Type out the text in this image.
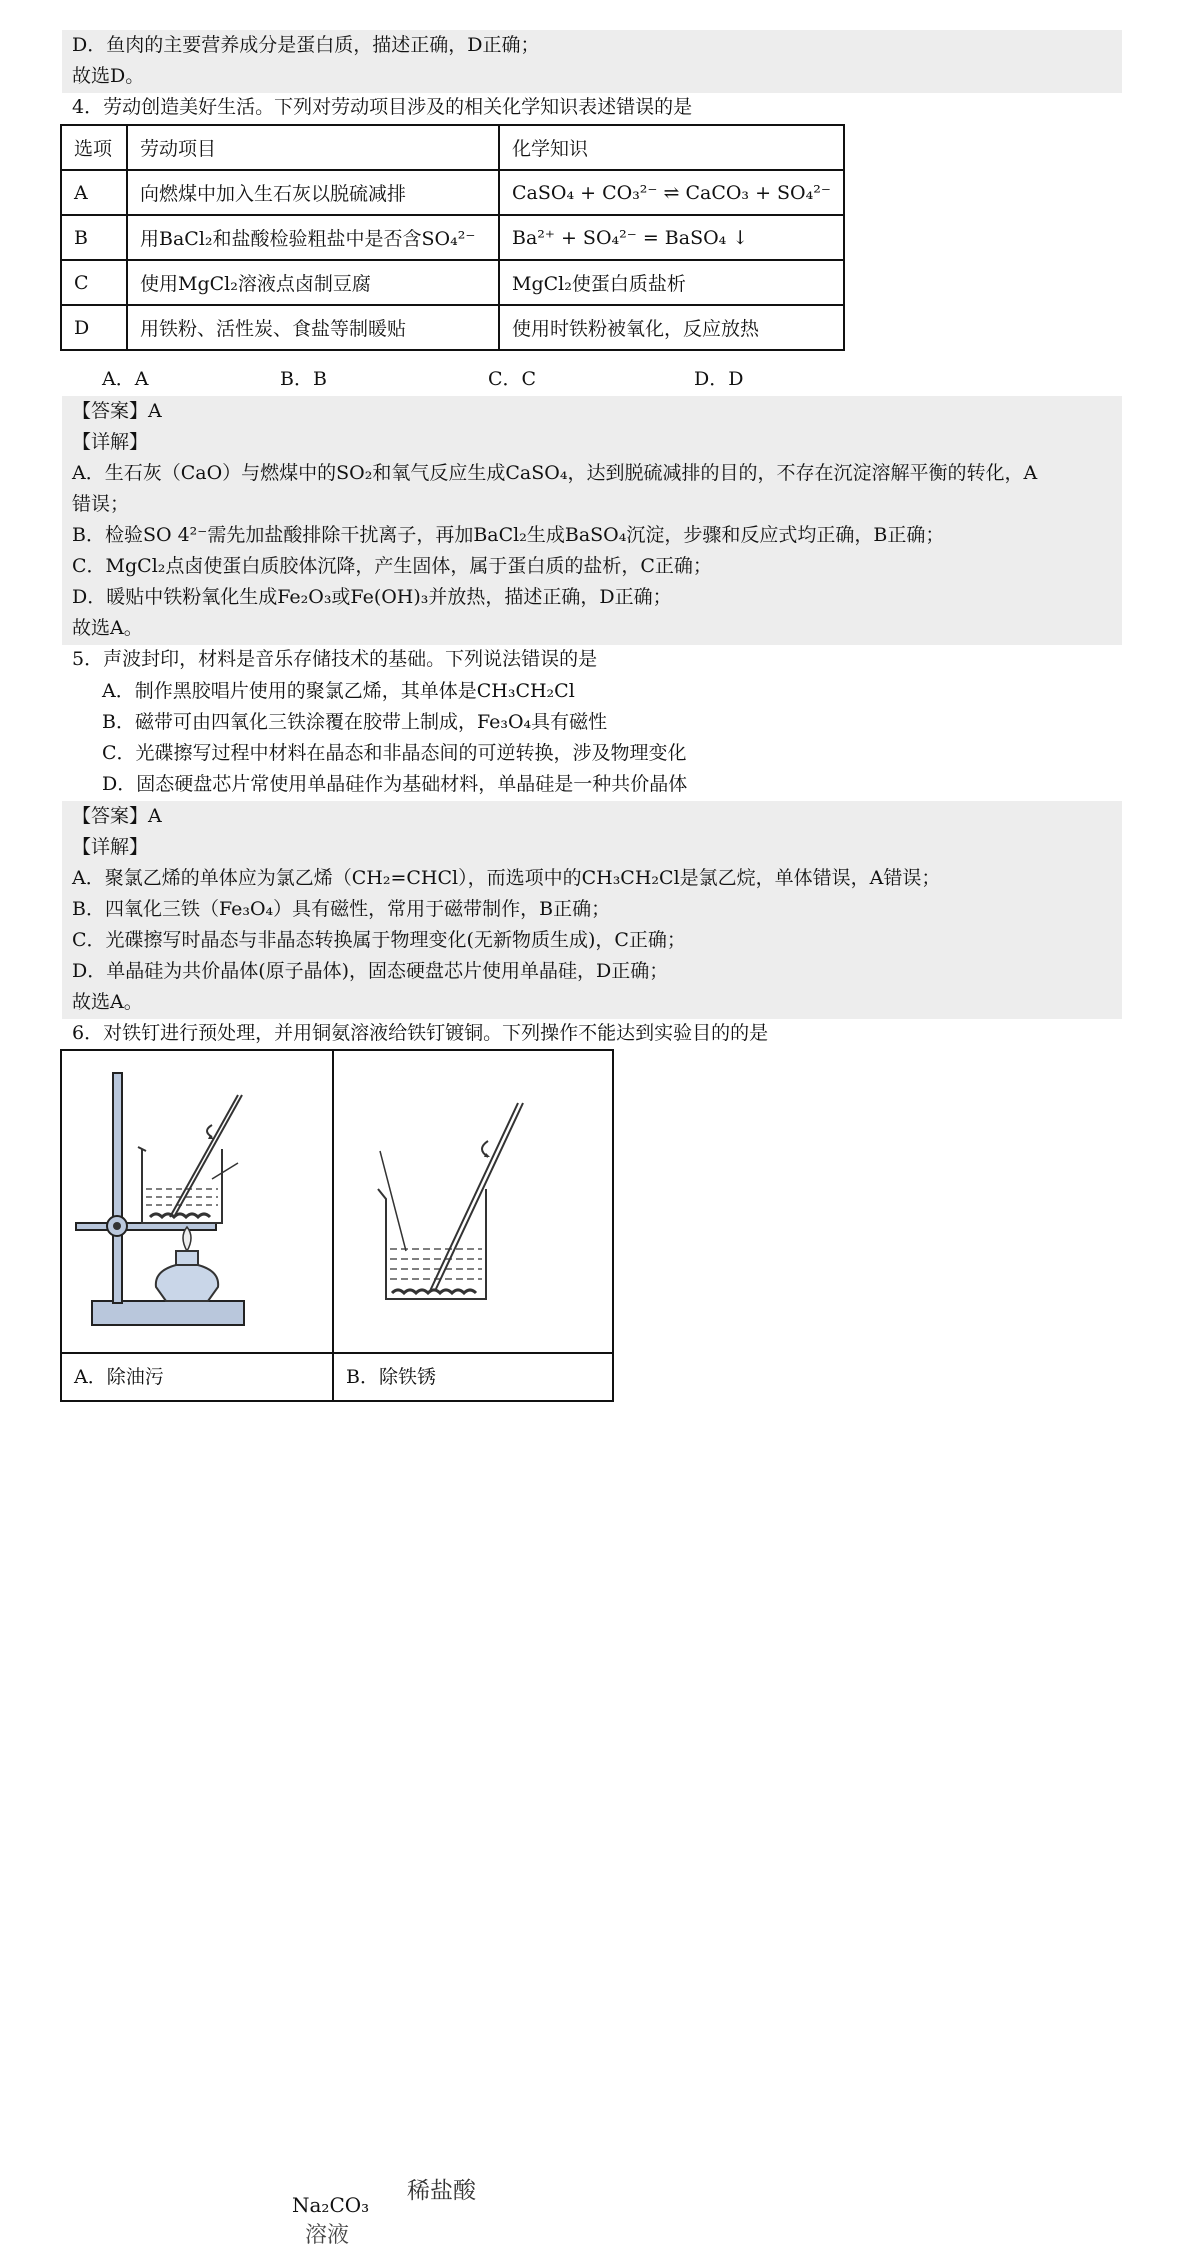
D．鱼肉的主要营养成分是蛋白质，描述正确，D正确；
故选D。
4．劳动创造美好生活。下列对劳动项目涉及的相关化学知识表述错误的是
选项	劳动项目	化学知识
A	向燃煤中加入生石灰以脱硫减排	CaSO₄ + CO₃²⁻ ⇌ CaCO₃ + SO₄²⁻
B	用BaCl₂和盐酸检验粗盐中是否含SO₄²⁻	Ba²⁺ + SO₄²⁻ = BaSO₄ ↓
C	使用MgCl₂溶液点卤制豆腐	MgCl₂使蛋白质盐析
D	用铁粉、活性炭、食盐等制暖贴	使用时铁粉被氧化，反应放热
A．A	B．B	C．C	D．D
【答案】A
【详解】
A．生石灰（CaO）与燃煤中的SO₂和氧气反应生成CaSO₄，达到脱硫减排的目的，不存在沉淀溶解平衡的转化，A
错误；
B．检验SO 4²⁻需先加盐酸排除干扰离子，再加BaCl₂生成BaSO₄沉淀，步骤和反应式均正确，B正确；
C．MgCl₂点卤使蛋白质胶体沉降，产生固体，属于蛋白质的盐析，C正确；
D．暖贴中铁粉氧化生成Fe₂O₃或Fe(OH)₃并放热，描述正确，D正确；
故选A。
5．声波封印，材料是音乐存储技术的基础。下列说法错误的是
A．制作黑胶唱片使用的聚氯乙烯，其单体是CH₃CH₂Cl
B．磁带可由四氧化三铁涂覆在胶带上制成，Fe₃O₄具有磁性
C．光碟擦写过程中材料在晶态和非晶态间的可逆转换，涉及物理变化
D．固态硬盘芯片常使用单晶硅作为基础材料，单晶硅是一种共价晶体
【答案】A
【详解】
A．聚氯乙烯的单体应为氯乙烯（CH₂=CHCl），而选项中的CH₃CH₂Cl是氯乙烷，单体错误，A错误；
B．四氧化三铁（Fe₃O₄）具有磁性，常用于磁带制作，B正确；
C．光碟擦写时晶态与非晶态转换属于物理变化(无新物质生成)，C正确；
D．单晶硅为共价晶体(原子晶体)，固态硬盘芯片使用单晶硅，D正确；
故选A。
6．对铁钉进行预处理，并用铜氨溶液给铁钉镀铜。下列操作不能达到实验目的的是
Na₂CO₃
溶液	稀盐酸

A．除油污	B．除铁锈
